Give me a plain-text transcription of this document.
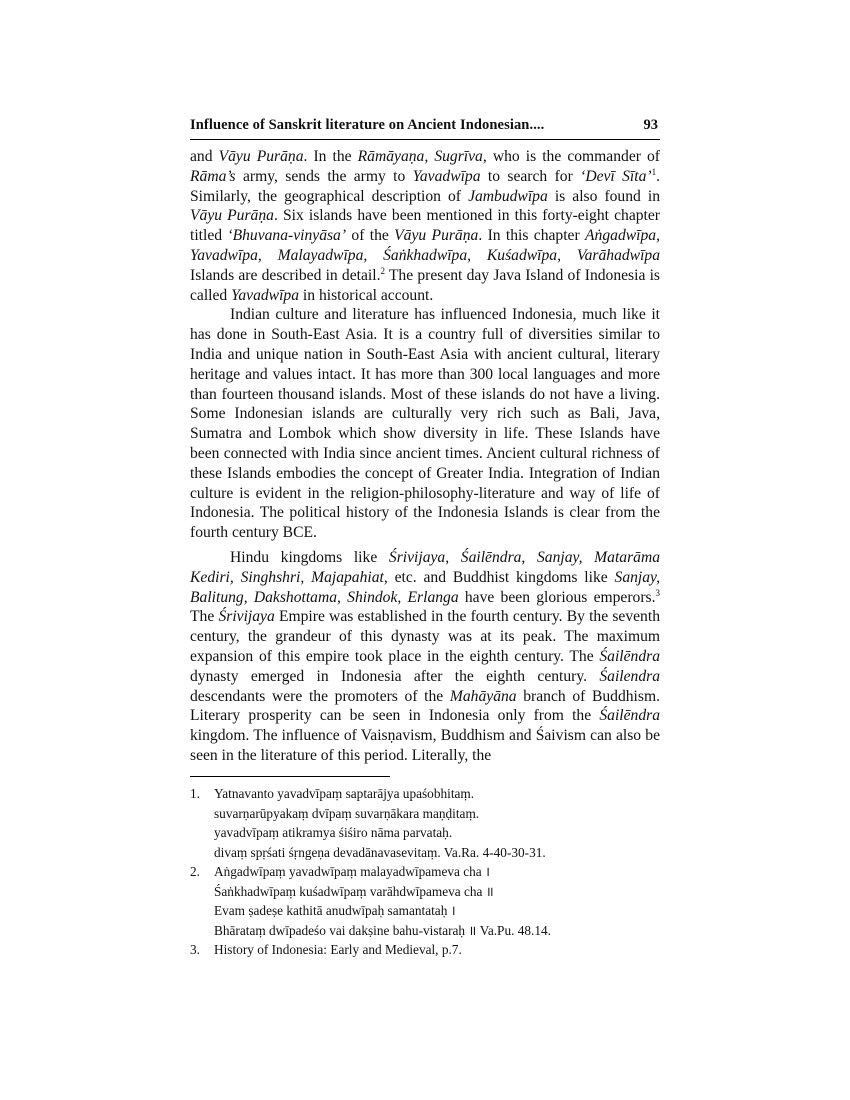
Influence of Sanskrit literature on Ancient Indonesian....	93

and Vāyu Purāṇa. In the Rāmāyaṇa, Sugrīva, who is the commander of Rāma’s army, sends the army to Yavadwīpa to search for ‘Devī Sīta’$^1$. Similarly, the geographical description of Jambudwīpa is also found in Vāyu Purāṇa. Six islands have been mentioned in this forty-eight chapter titled ‘Bhuvana-vinyāsa’ of the Vāyu Purāṇa. In this chapter Aṅgadwīpa, Yavadwīpa, Malayadwīpa, Śaṅkhadwīpa, Kuśadwīpa, Varāhadwīpa Islands are described in detail.$^2$ The present day Java Island of Indonesia is called Yavadwīpa in historical account.

Indian culture and literature has influenced Indonesia, much like it has done in South-East Asia. It is a country full of diversities similar to India and unique nation in South-East Asia with ancient cultural, literary heritage and values intact. It has more than 300 local languages and more than fourteen thousand islands. Most of these islands do not have a living. Some Indonesian islands are culturally very rich such as Bali, Java, Sumatra and Lombok which show diversity in life. These Islands have been connected with India since ancient times. Ancient cultural richness of these Islands embodies the concept of Greater India. Integration of Indian culture is evident in the religion-philosophy-literature and way of life of Indonesia. The political history of the Indonesia Islands is clear from the fourth century BCE.

Hindu kingdoms like Śrivijaya, Śailēndra, Sanjay, Matarāma Kediri, Singhshri, Majapahiat, etc. and Buddhist kingdoms like Sanjay, Balitung, Dakshottama, Shindok, Erlanga have been glorious emperors.$^3$ The Śrivijaya Empire was established in the fourth century. By the seventh century, the grandeur of this dynasty was at its peak. The maximum expansion of this empire took place in the eighth century. The Śailēndra dynasty emerged in Indonesia after the eighth century. Śailendra descendants were the promoters of the Mahāyāna branch of Buddhism. Literary prosperity can be seen in Indonesia only from the Śailēndra kingdom. The influence of Vaisṇavism, Buddhism and Śaivism can also be seen in the literature of this period. Literally, the

1.	Yatnavanto yavadvīpaṃ saptarājya upaśobhitaṃ.
suvarṇarūpyakaṃ dvīpaṃ suvarṇākara maṇḍitaṃ.
yavadvīpaṃ atikramya śiśiro nāma parvataḥ.
divaṃ spṛśati śṛngeṇa devadānavasevitaṃ. Va.Ra. 4-40-30-31.
2.	Aṅgadwīpaṃ yavadwīpaṃ malayadwīpameva cha ।
Śaṅkhadwīpaṃ kuśadwīpaṃ varāhdwīpameva cha ॥
Evam ṣadeṣe kathitā anudwīpaḥ samantataḥ ।
Bhārataṃ dwīpadeśo vai dakṣine bahu-vistaraḥ ॥ Va.Pu. 48.14.
3.	History of Indonesia: Early and Medieval, p.7.
